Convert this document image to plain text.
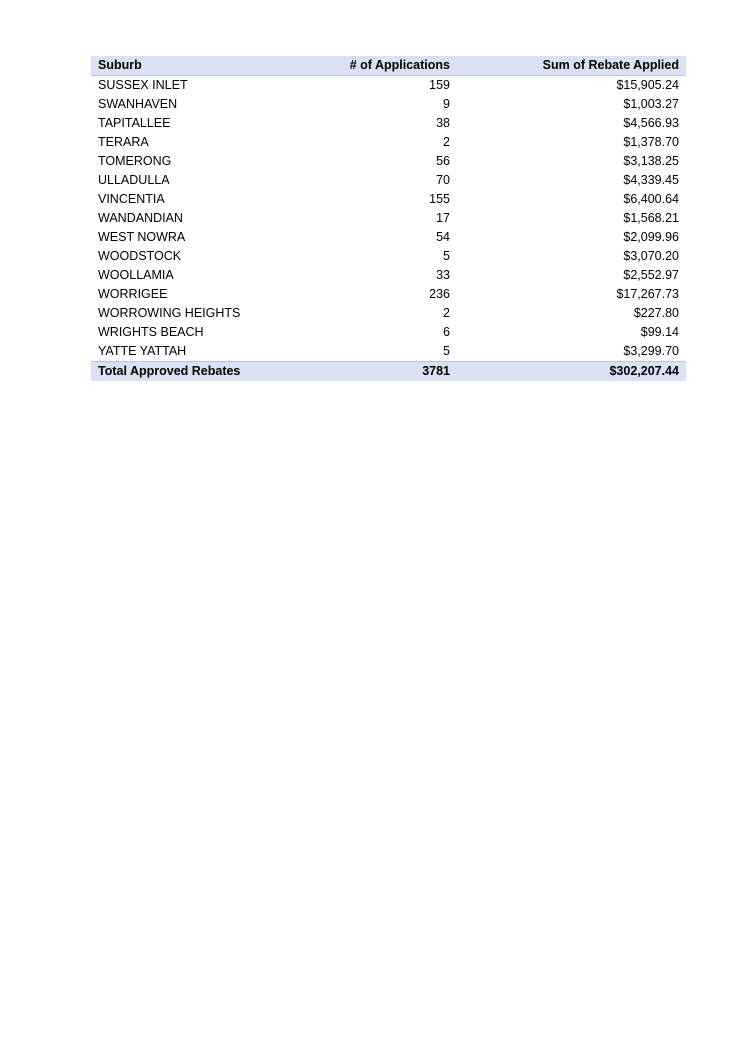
Suburb	# of Applications	Sum of Rebate Applied
SUSSEX INLET	159	$15,905.24
SWANHAVEN	9	$1,003.27
TAPITALLEE	38	$4,566.93
TERARA	2	$1,378.70
TOMERONG	56	$3,138.25
ULLADULLA	70	$4,339.45
VINCENTIA	155	$6,400.64
WANDANDIAN	17	$1,568.21
WEST NOWRA	54	$2,099.96
WOODSTOCK	5	$3,070.20
WOOLLAMIA	33	$2,552.97
WORRIGEE	236	$17,267.73
WORROWING HEIGHTS	2	$227.80
WRIGHTS BEACH	6	$99.14
YATTE YATTAH	5	$3,299.70
Total Approved Rebates	3781	$302,207.44
